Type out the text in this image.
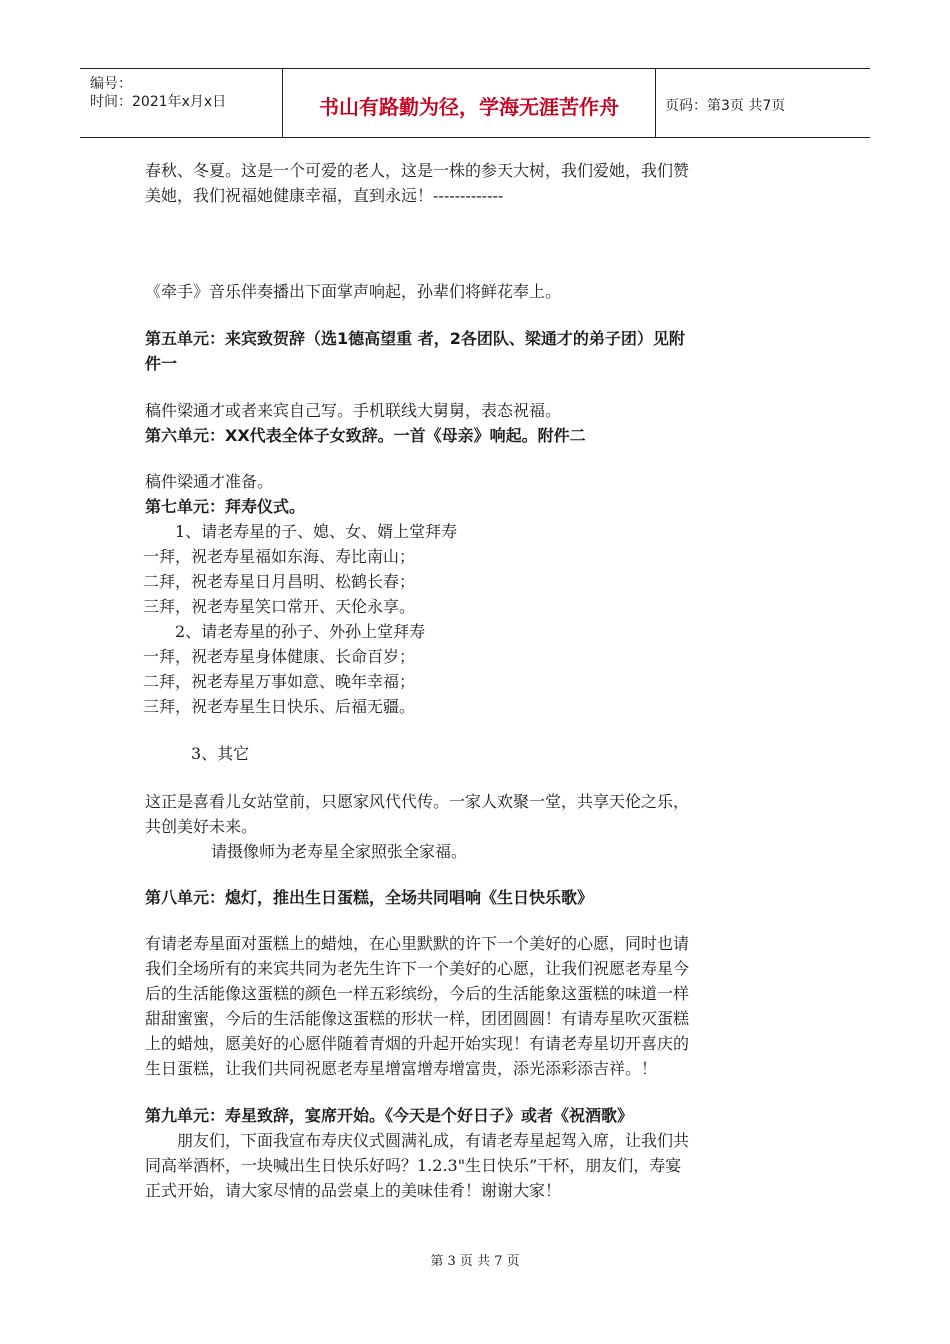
编号：
时间：2021年x月x日	书山有路勤为径，学海无涯苦作舟	页码：第3页 共7页
春秋、冬夏。这是一个可爱的老人，这是一株的参天大树，我们爱她，我们赞
美她，我们祝福她健康幸福，直到永远！-------------
《牵手》音乐伴奏播出下面掌声响起，孙辈们将鲜花奉上。
第五单元：来宾致贺辞（选1德高望重 者，2各团队、梁通才的弟子团）见附
件一
稿件梁通才或者来宾自己写。手机联线大舅舅，表态祝福。
第六单元：XX代表全体子女致辞。一首《母亲》响起。附件二
稿件梁通才准备。
第七单元：拜寿仪式。
1、请老寿星的子、媳、女、婿上堂拜寿
一拜，祝老寿星福如东海、寿比南山；
二拜，祝老寿星日月昌明、松鹤长春；
三拜，祝老寿星笑口常开、天伦永享。
2、请老寿星的孙子、外孙上堂拜寿
一拜，祝老寿星身体健康、长命百岁；
二拜，祝老寿星万事如意、晚年幸福；
三拜，祝老寿星生日快乐、后福无疆。
3、其它
这正是喜看儿女站堂前，只愿家风代代传。一家人欢聚一堂，共享天伦之乐，
共创美好未来。
请摄像师为老寿星全家照张全家福。
第八单元：熄灯，推出生日蛋糕，全场共同唱响《生日快乐歌》
有请老寿星面对蛋糕上的蜡烛，在心里默默的许下一个美好的心愿，同时也请
我们全场所有的来宾共同为老先生许下一个美好的心愿，让我们祝愿老寿星今
后的生活能像这蛋糕的颜色一样五彩缤纷，今后的生活能象这蛋糕的味道一样
甜甜蜜蜜，今后的生活能像这蛋糕的形状一样，团团圆圆！有请寿星吹灭蛋糕
上的蜡烛，愿美好的心愿伴随着青烟的升起开始实现！有请老寿星切开喜庆的
生日蛋糕，让我们共同祝愿老寿星增富增寿增富贵，添光添彩添吉祥。！
第九单元：寿星致辞，宴席开始。《今天是个好日子》或者《祝酒歌》
朋友们，下面我宣布寿庆仪式圆满礼成，有请老寿星起驾入席，让我们共
同高举酒杯，一块喊出生日快乐好吗？1.2.3"生日快乐”干杯，朋友们，寿宴
正式开始，请大家尽情的品尝桌上的美味佳肴！谢谢大家！
第 3 页 共 7 页
